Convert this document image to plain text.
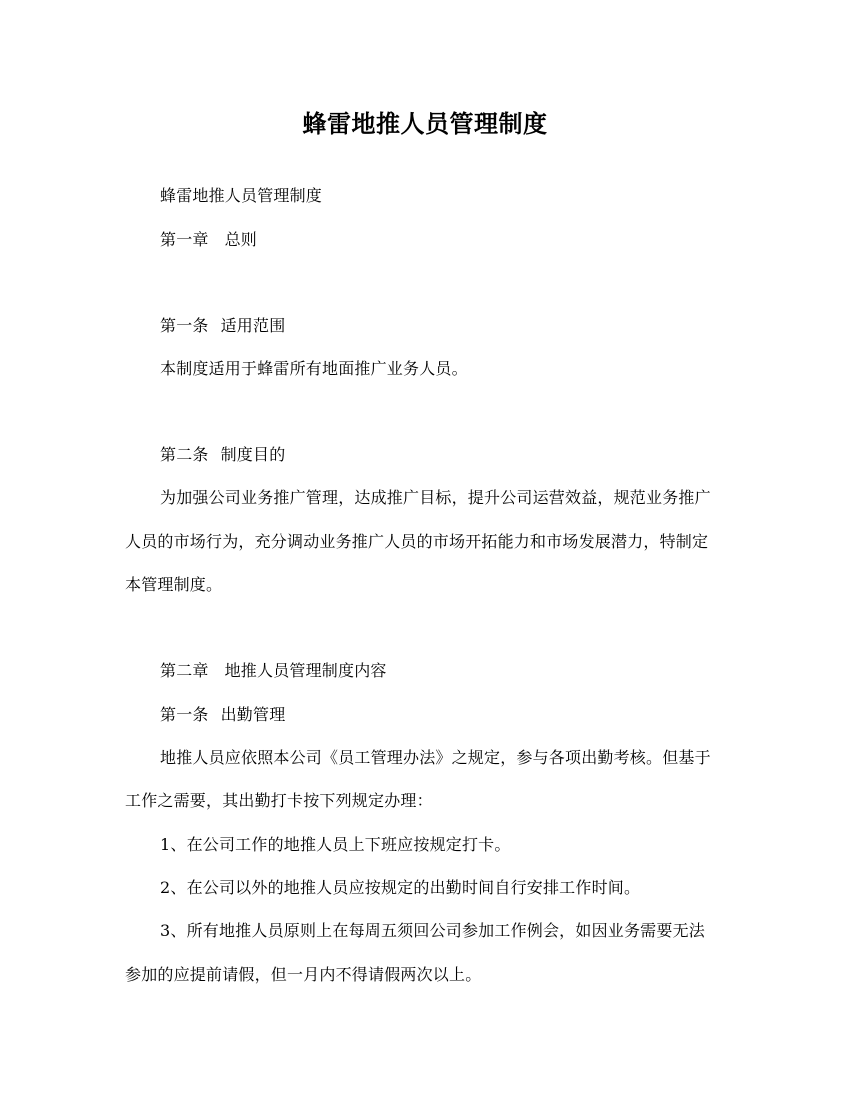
蜂雷地推人员管理制度
蜂雷地推人员管理制度
第一章 总则
第一条 适用范围
本制度适用于蜂雷所有地面推广业务人员。
第二条 制度目的
为加强公司业务推广管理，达成推广目标，提升公司运营效益，规范业务推广
人员的市场行为，充分调动业务推广人员的市场开拓能力和市场发展潜力，特制定
本管理制度。
第二章 地推人员管理制度内容
第一条 出勤管理
地推人员应依照本公司《员工管理办法》之规定，参与各项出勤考核。但基于
工作之需要，其出勤打卡按下列规定办理：
1、在公司工作的地推人员上下班应按规定打卡。
2、在公司以外的地推人员应按规定的出勤时间自行安排工作时间。
3、所有地推人员原则上在每周五须回公司参加工作例会，如因业务需要无法
参加的应提前请假，但一月内不得请假两次以上。
